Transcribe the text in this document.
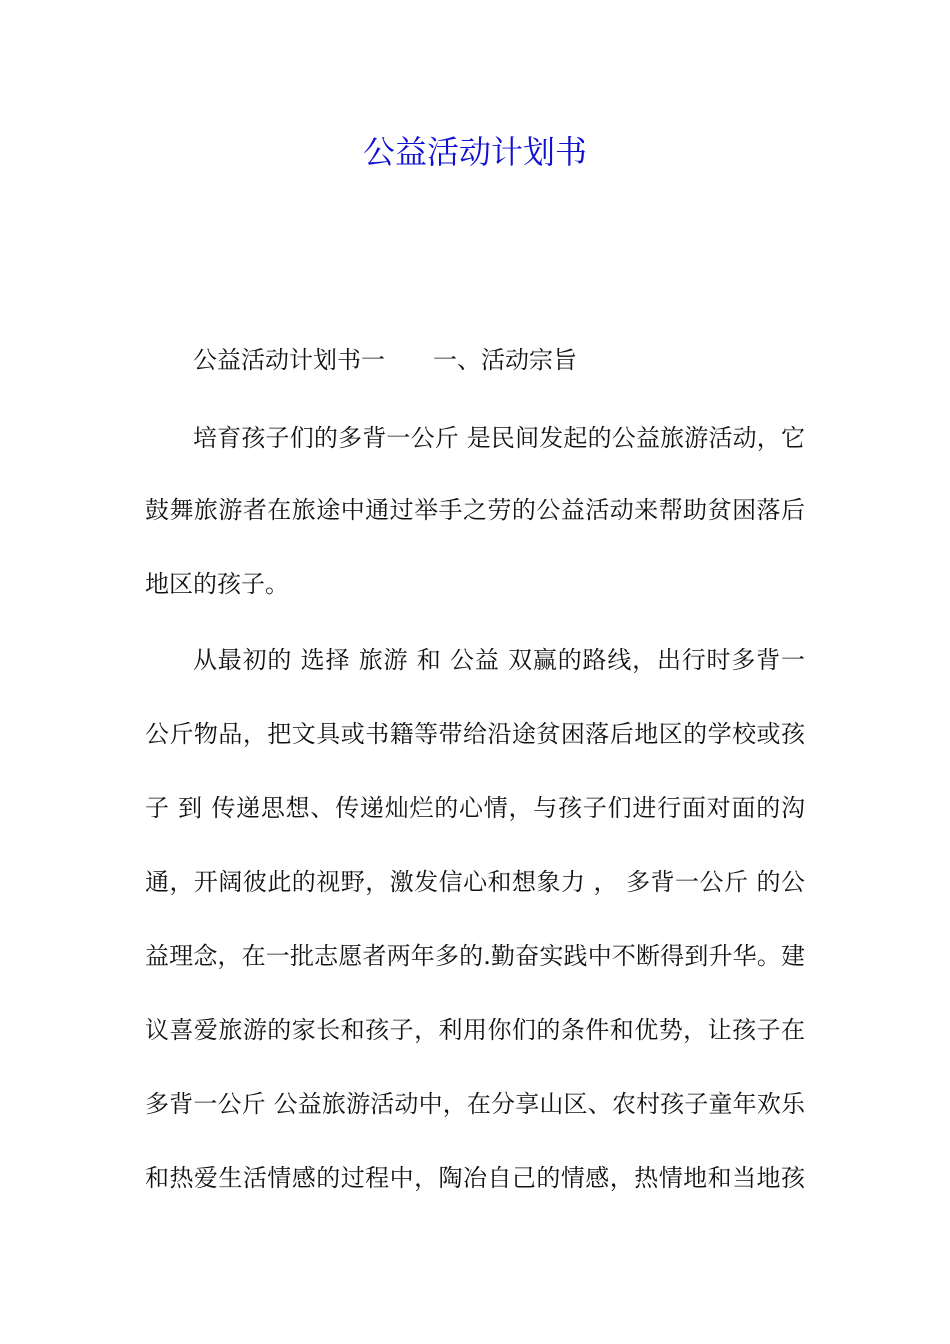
公益活动计划书
公益活动计划书一　　一、活动宗旨
培育孩子们的多背一公斤 是民间发起的公益旅游活动，它
鼓舞旅游者在旅途中通过举手之劳的公益活动来帮助贫困落后
地区的孩子。
从最初的 选择 旅游 和 公益 双赢的路线，出行时多背一
公斤物品，把文具或书籍等带给沿途贫困落后地区的学校或孩
子 到 传递思想、传递灿烂的心情，与孩子们进行面对面的沟
通，开阔彼此的视野，激发信心和想象力 ， 多背一公斤 的公
益理念，在一批志愿者两年多的.勤奋实践中不断得到升华。建
议喜爱旅游的家长和孩子，利用你们的条件和优势，让孩子在
多背一公斤 公益旅游活动中，在分享山区、农村孩子童年欢乐
和热爱生活情感的过程中，陶冶自己的情感，热情地和当地孩
